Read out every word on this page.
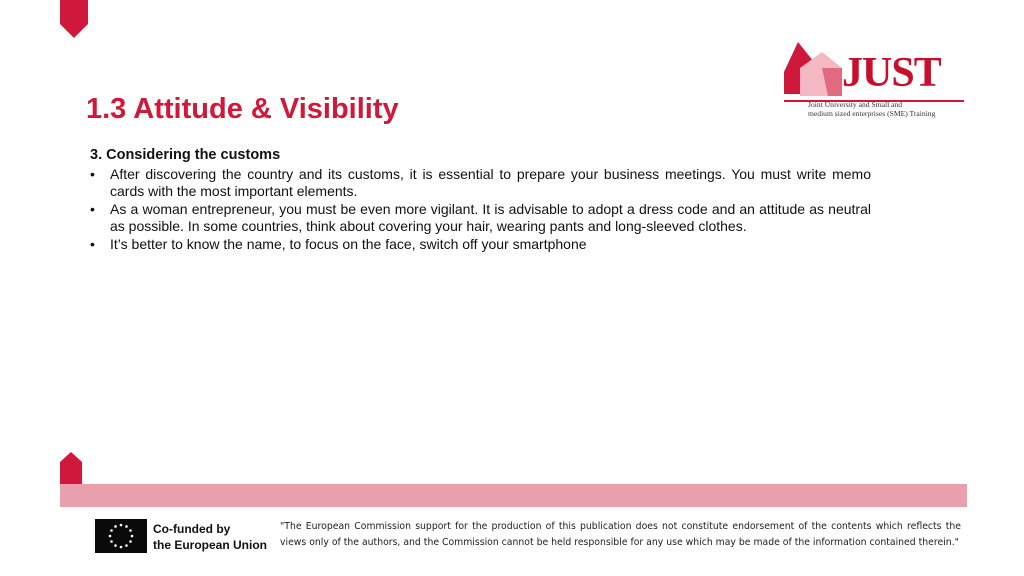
JUST
Joint University and Small and
medium sized enterprises (SME) Training
1.3 Attitude & Visibility
3. Considering the customs
• After discovering the country and its customs, it is essential to prepare your business meetings. You must write memo cards with the most important elements.
• As a woman entrepreneur, you must be even more vigilant. It is advisable to adopt a dress code and an attitude as neutral as possible. In some countries, think about covering your hair, wearing pants and long-sleeved clothes.
• It’s better to know the name, to focus on the face, switch off your smartphone
Co-funded by
the European Union
"The European Commission support for the production of this publication does not constitute endorsement of the contents which reflects the views only of the authors, and the Commission cannot be held responsible for any use which may be made of the information contained therein."
